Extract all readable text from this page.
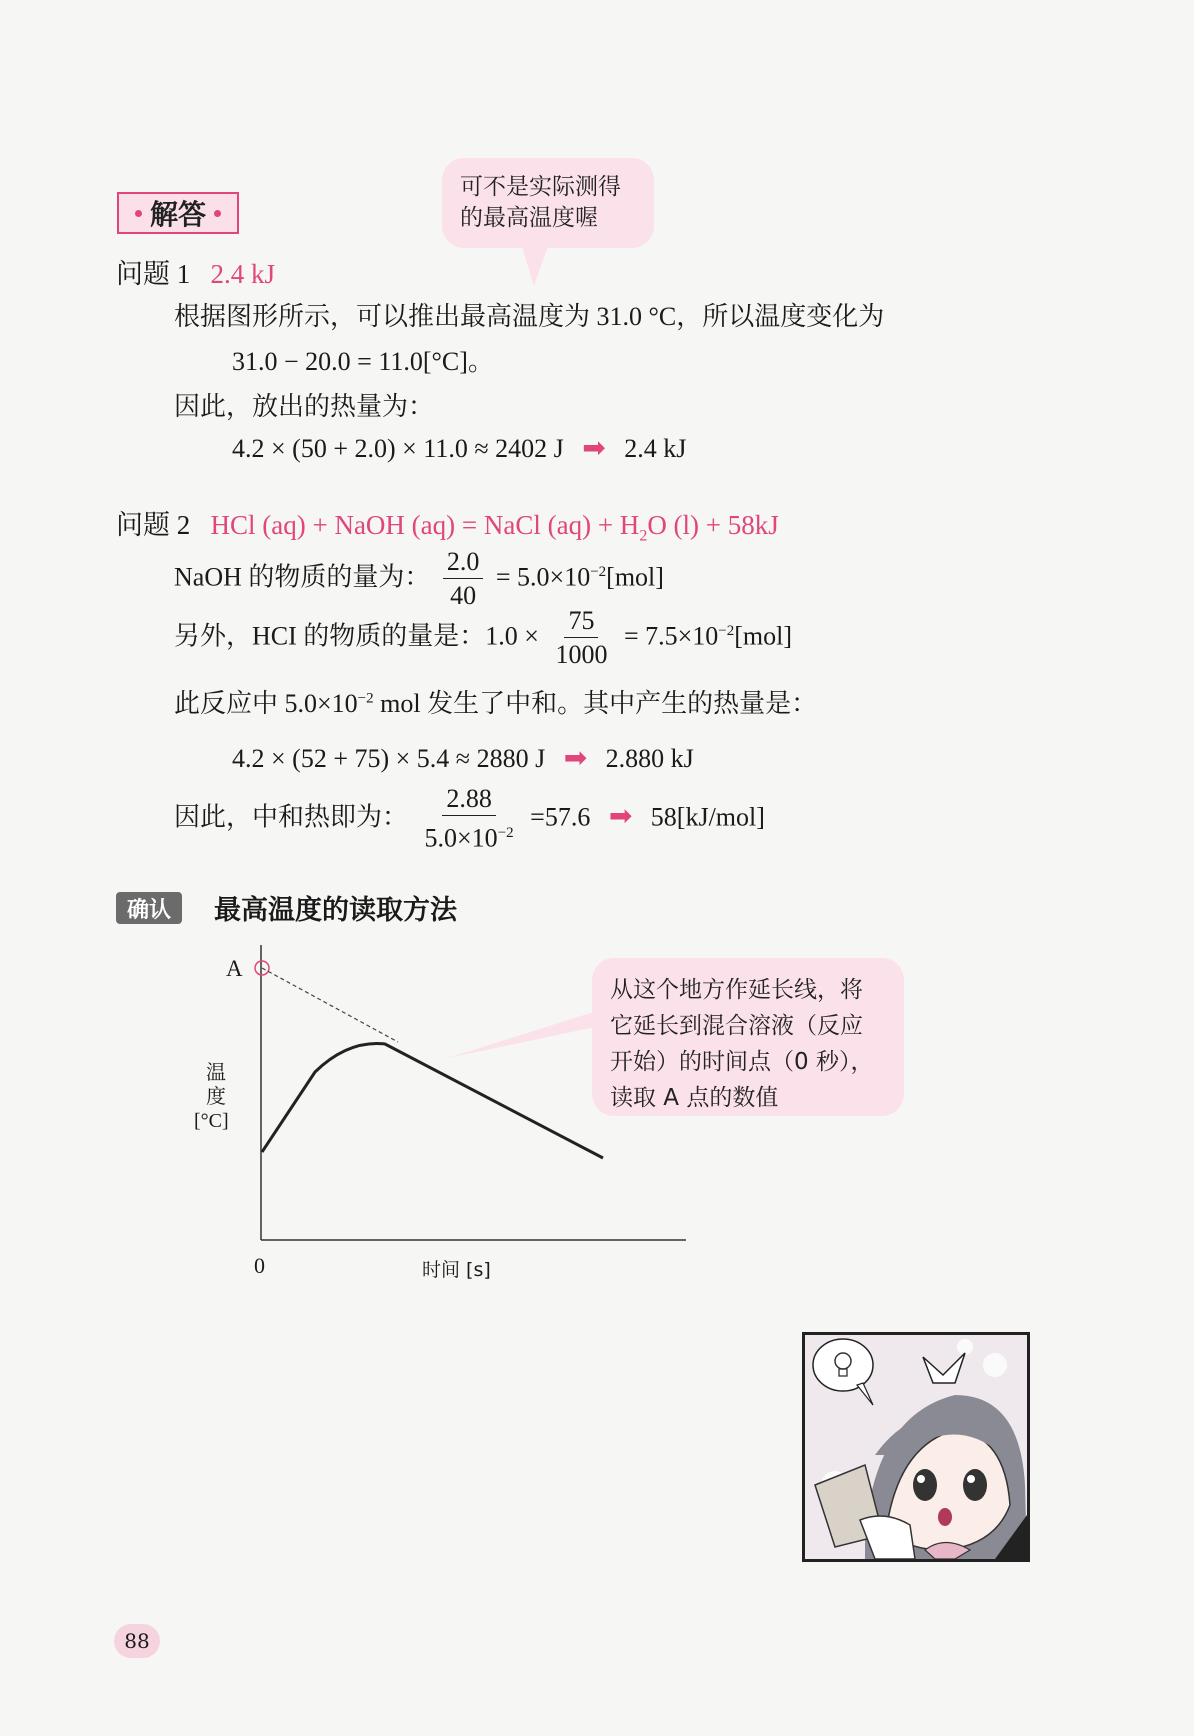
解答
可不是实际测得
的最高温度喔
问题 1 2.4 kJ
根据图形所示，可以推出最高温度为 31.0 °C，所以温度变化为
31.0 − 20.0 = 11.0[°C]。
因此，放出的热量为：
4.2 × (50 + 2.0) × 11.0 ≈ 2402 J ➡ 2.4 kJ
问题 2 HCl (aq) + NaOH (aq) = NaCl $(aq) + H_2O$ (l) + 58kJ
NaOH 的物质的量为： $\frac{2.0}{40} = 5.0\times 10^{-2}[mol]$
另外，HCI 的物质的量是：$1.0 \times \frac{75}{1000} = 7.5\times 10^{-2}[mol]$
此反应中 $5.0\times 10^{-2}$ mol 发生了中和。其中产生的热量是：
4.2 × (52 + 75) × 5.4 ≈ 2880 J ➡ 2.880 kJ
因此，中和热即为： $\frac{2.88}{5.0\times 10^{-2}} =57.6$ ➡ 58[kJ/mol]
确认	最高温度的读取方法
A
温
度
[°C]
0	时间 [s]
从这个地方作延长线，将
它延长到混合溶液（反应
开始）的时间点（0 秒），
读取 A 点的数值
88
